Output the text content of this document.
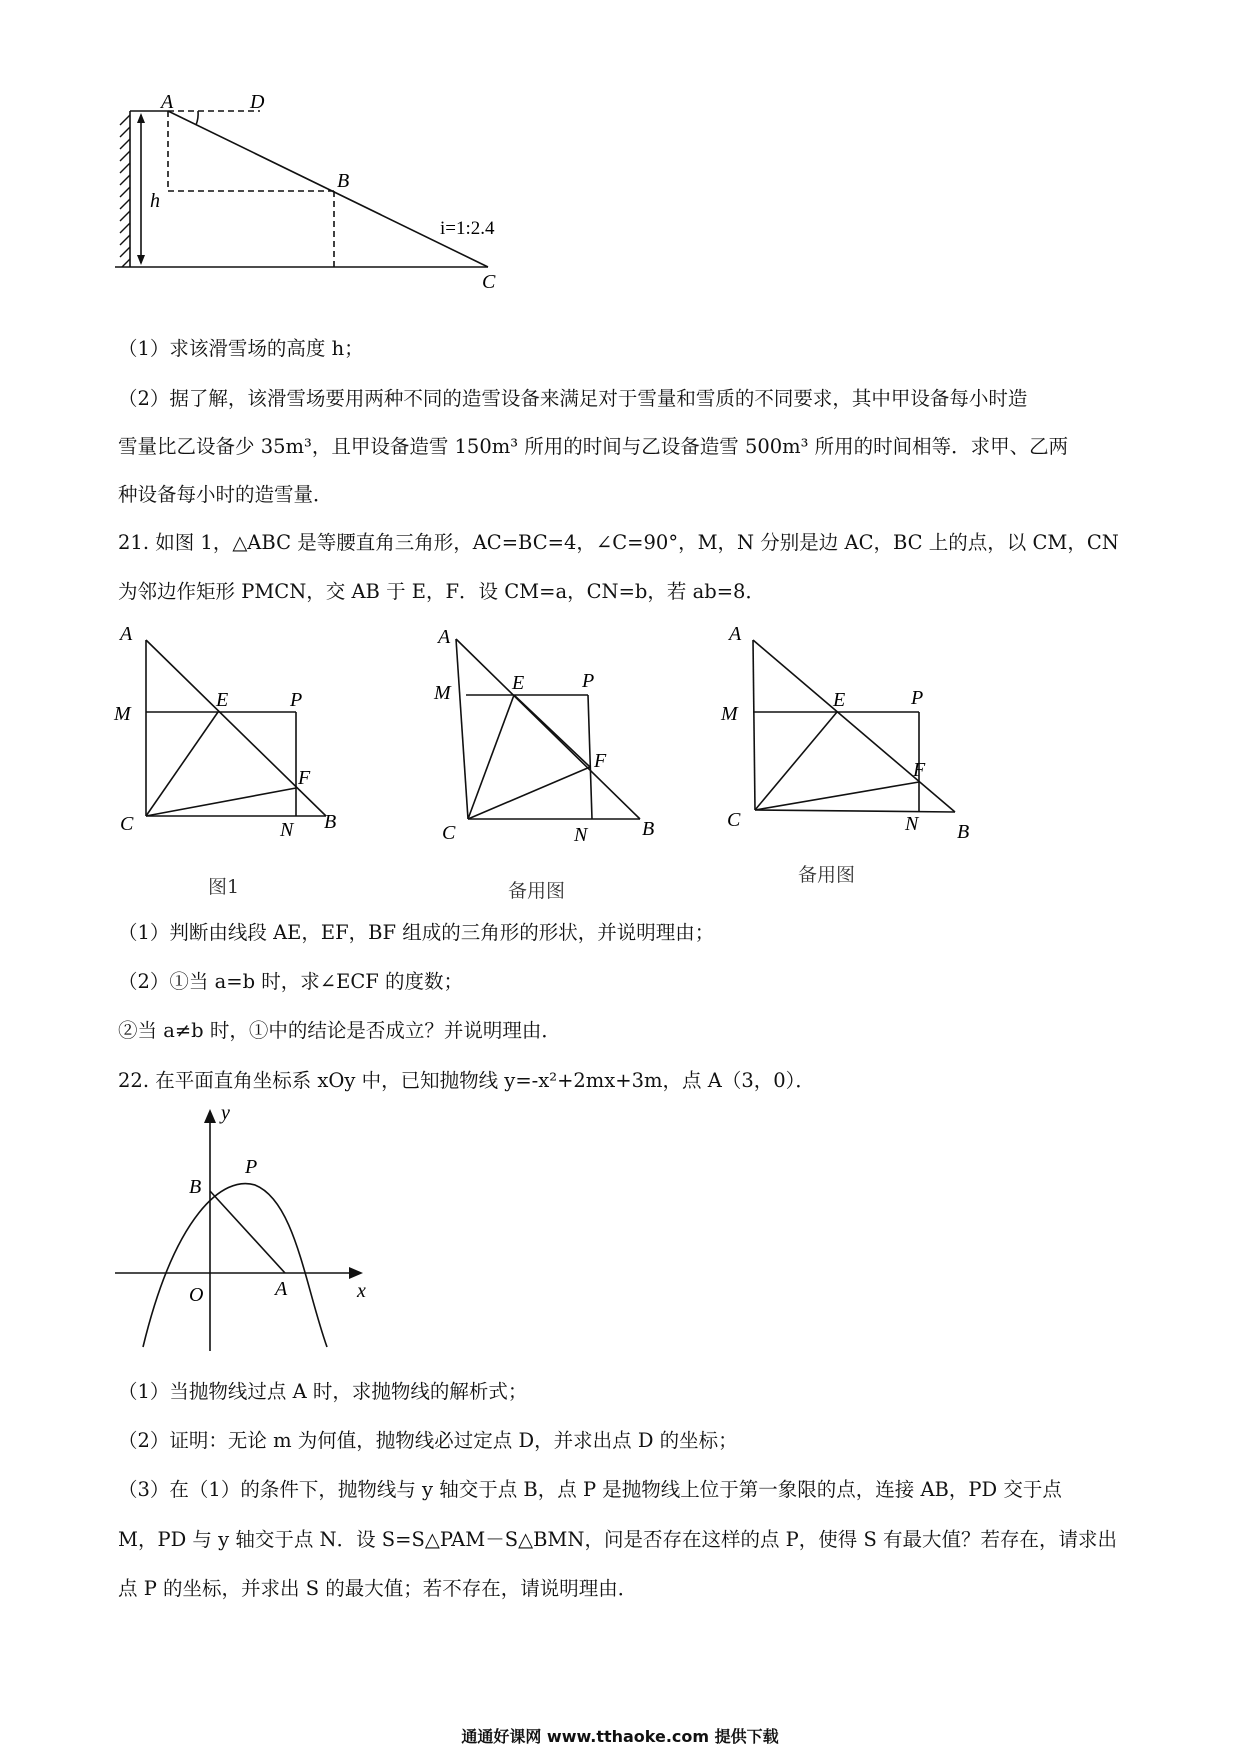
A	D
B
C
h
i=1:2.4
（1）求该滑雪场的高度 h；
（2）据了解，该滑雪场要用两种不同的造雪设备来满足对于雪量和雪质的不同要求，其中甲设备每小时造
雪量比乙设备少 35m³，且甲设备造雪 150m³ 所用的时间与乙设备造雪 500m³ 所用的时间相等．求甲、乙两
种设备每小时的造雪量．
21. 如图 1，△ABC 是等腰直角三角形，AC=BC=4，∠C=90°，M，N 分别是边 AC，BC 上的点，以 CM，CN
为邻边作矩形 PMCN，交 AB 于 E，F．设 CM=a，CN=b，若 ab=8．
A
M
E	P
F
C	N B
A
M	E	P
F
C	N	B
A
M
E	P
F
C	N B
图1	备用图
备用图
（1）判断由线段 AE，EF，BF 组成的三角形的形状，并说明理由；
（2）①当 a=b 时，求∠ECF 的度数；
②当 a≠b 时，①中的结论是否成立？并说明理由．
22. 在平面直角坐标系 xOy 中，已知抛物线 y=-x²+2mx+3m，点 A（3，0）．
y
x
O	A
B
P
（1）当抛物线过点 A 时，求抛物线的解析式；
（2）证明：无论 m 为何值，抛物线必过定点 D，并求出点 D 的坐标；
（3）在（1）的条件下，抛物线与 y 轴交于点 B，点 P 是抛物线上位于第一象限的点，连接 AB，PD 交于点
M，PD 与 y 轴交于点 N．设 S=S△PAM－S△BMN，问是否存在这样的点 P，使得 S 有最大值？若存在，请求出
点 P 的坐标，并求出 S 的最大值；若不存在，请说明理由．
通通好课网 www.tthaoke.com 提供下载
